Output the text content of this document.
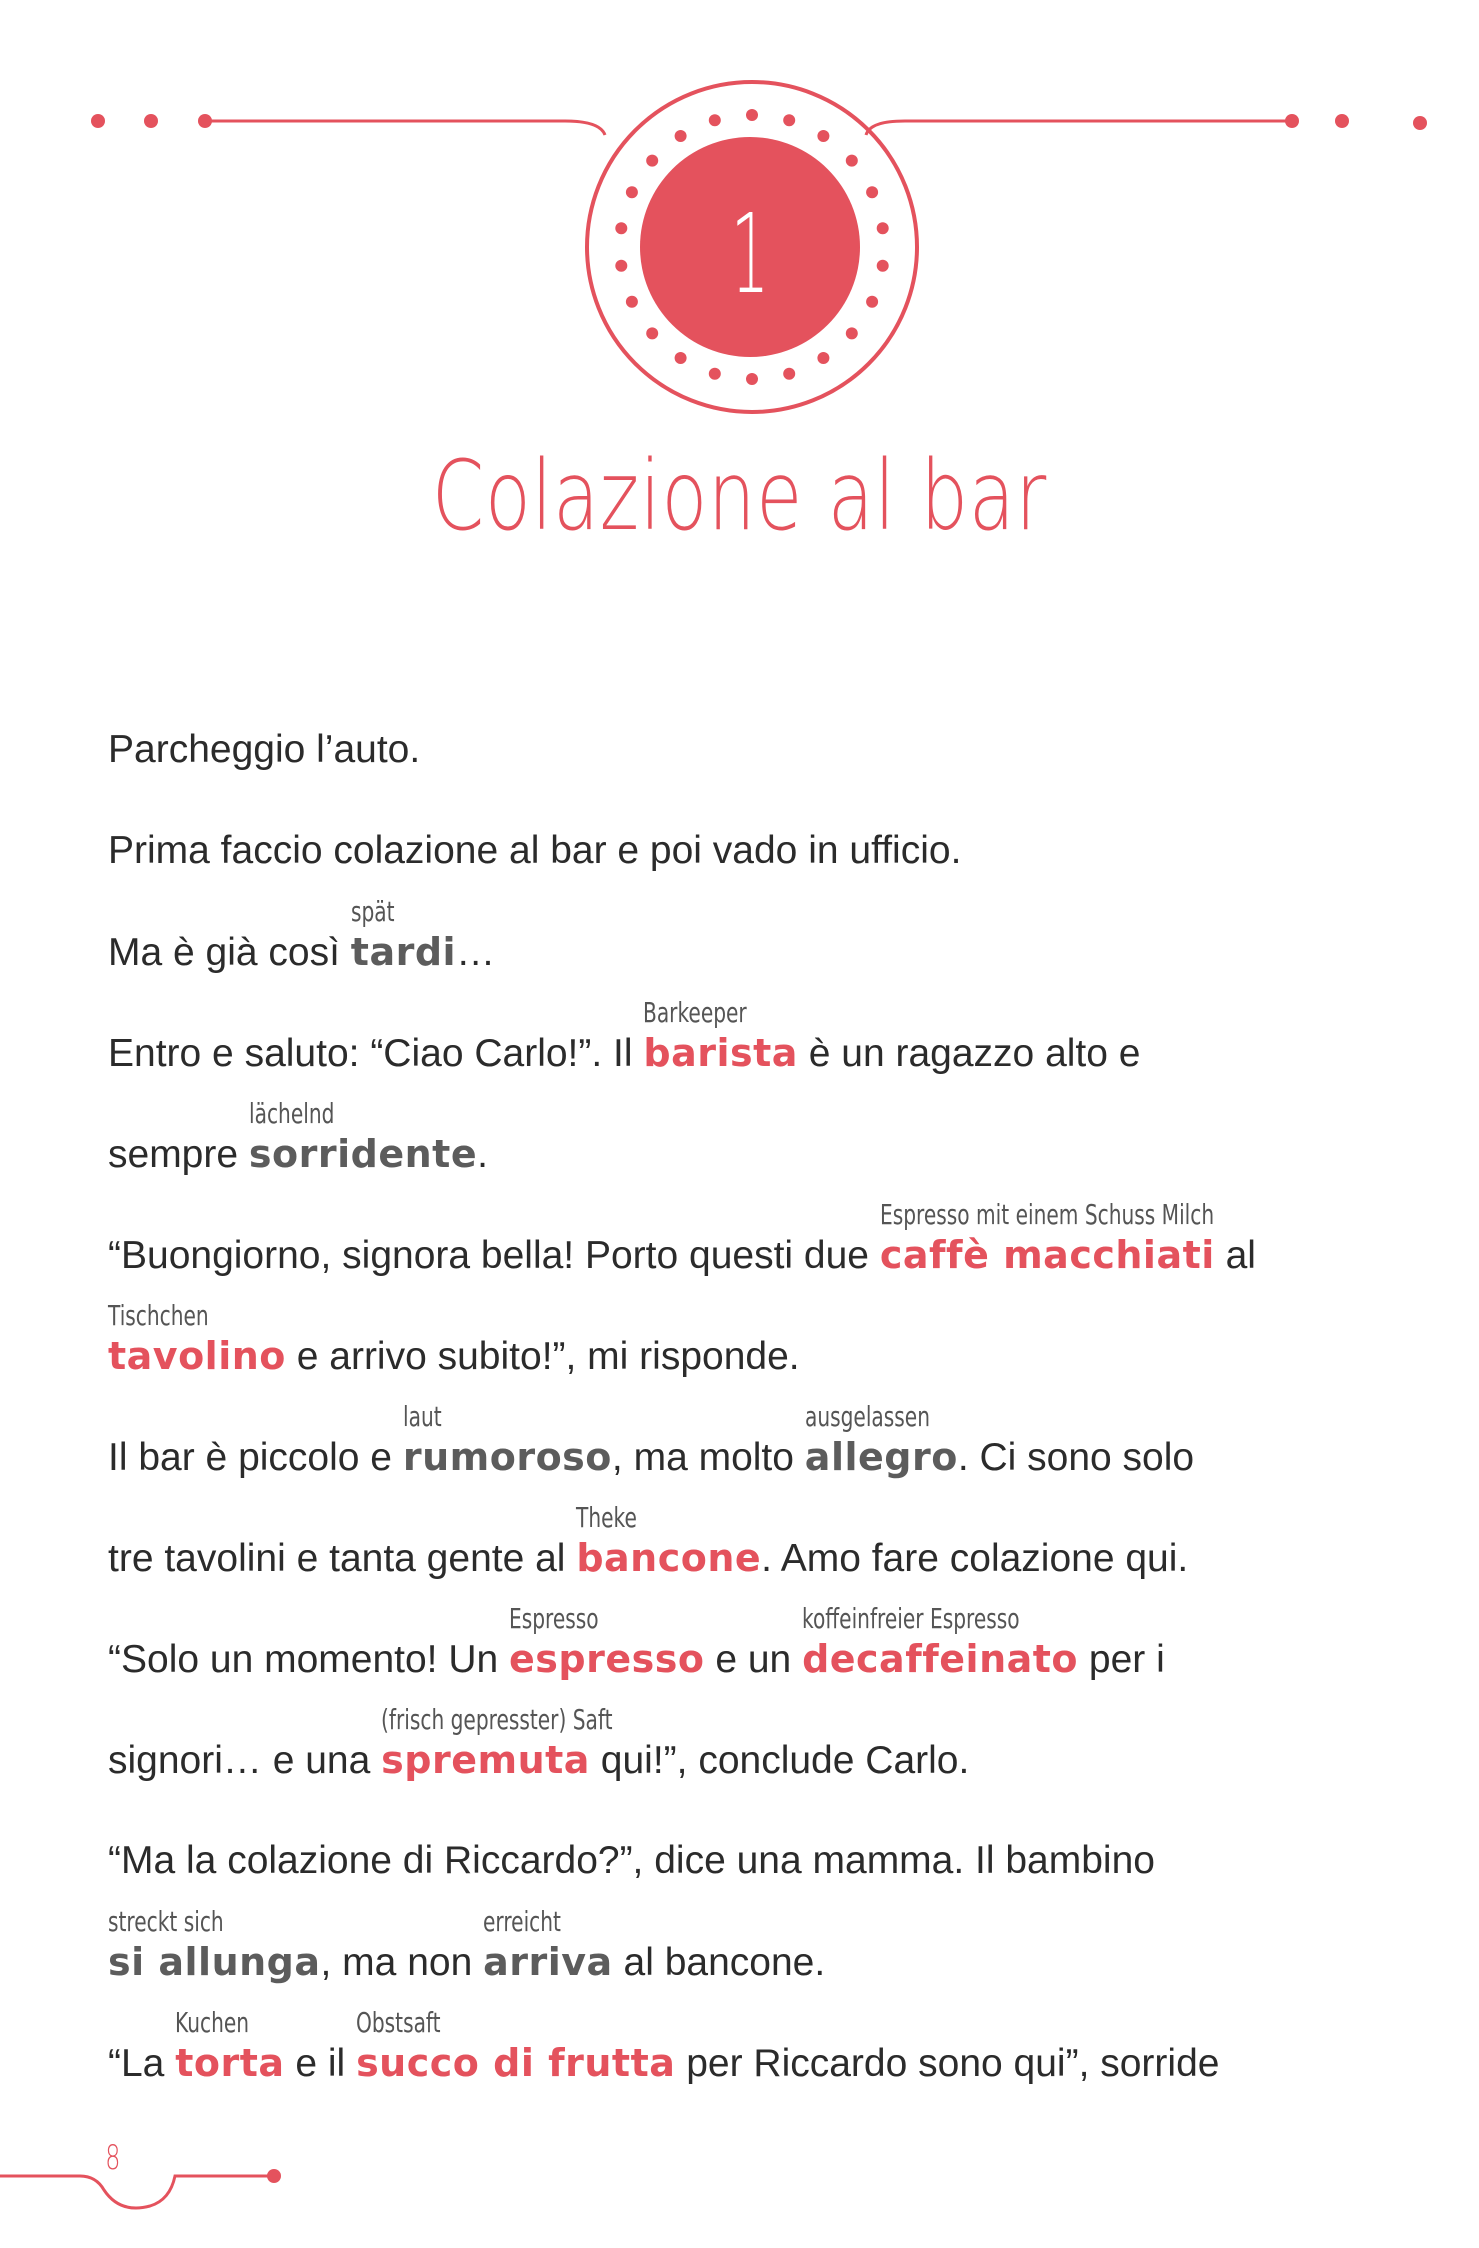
1
Colazione al bar
Parcheggio l’auto.
Prima faccio colazione al bar e poi vado in ufficio.
Ma è già così tardi
spät
…
Entro e saluto: “Ciao Carlo!”. Il barista
Barkeeper
è un ragazzo alto e
sempre sorridente
lächelnd
.
“Buongiorno, signora bella! Porto questi due caffè macchiati
Espresso mit einem Schuss Milch
al
tavolino
Tischchen
e arrivo subito!”, mi risponde.
Il bar è piccolo e rumoroso
laut
, ma molto allegro
ausgelassen
. Ci sono solo
tre tavolini e tanta gente al bancone
Theke
. Amo fare colazione qui.
“Solo un momento! Un espresso
Espresso
e un decaffeinato
koffeinfreier Espresso
per i
signori… e una spremuta
(frisch gepresster) Saft
qui!”, conclude Carlo.
“Ma la colazione di Riccardo?”, dice una mamma. Il bambino
si allunga
streckt sich
, ma non arriva
erreicht
al bancone.
“La torta
Kuchen
e il succo di frutta
Obstsaft
per Riccardo sono qui”, sorride
8
